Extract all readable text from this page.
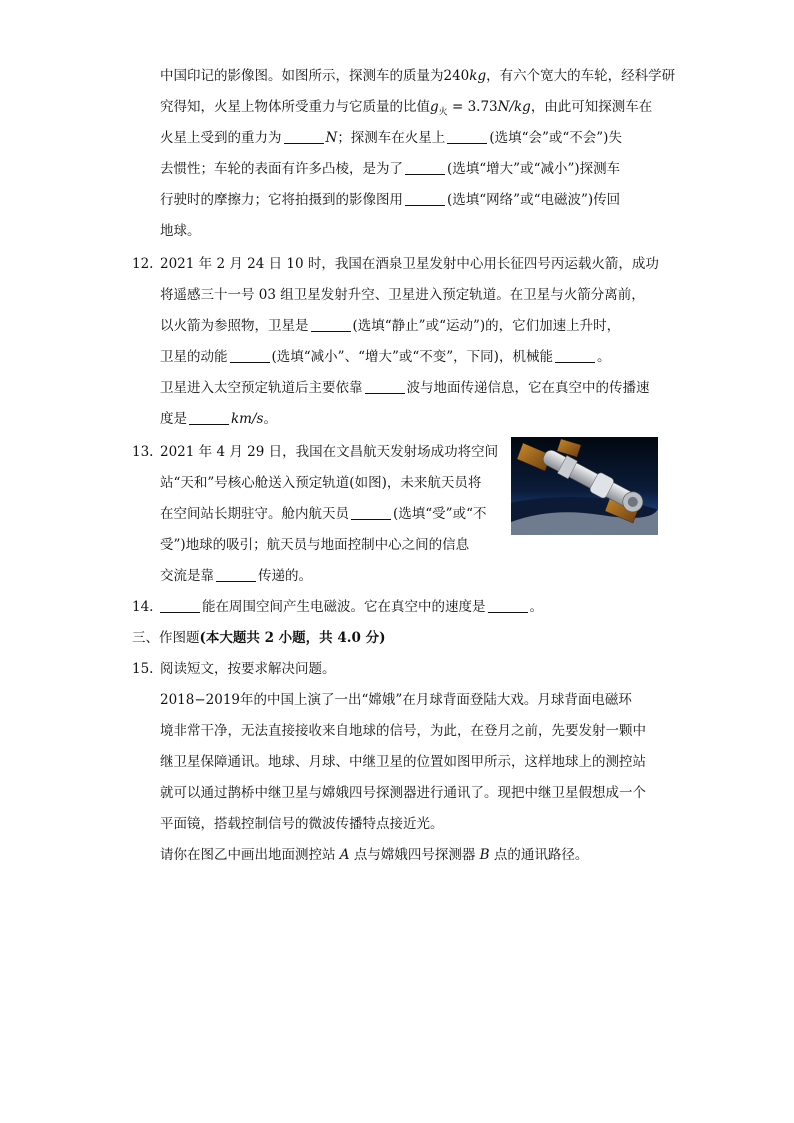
中国印记的影像图。如图所示，探测车的质量为240kg，有六个宽大的车轮，经科学研
究得知，火星上物体所受重力与它质量的比值$g_火 = 3.73N/kg$，由此可知探测车在
火星上受到的重力为	N；探测车在火星上	(选填“会”或“不会”)失
去惯性；车轮的表面有许多凸棱，是为了	(选填“增大”或“减小”)探测车
行驶时的摩擦力；它将拍摄到的影像图用	(选填“网络”或“电磁波”)传回
地球。
12. 2021 年 2 月 24 日 10 时，我国在酒泉卫星发射中心用长征四号丙运载火箭，成功
将遥感三十一号 03 组卫星发射升空、卫星进入预定轨道。在卫星与火箭分离前，
以火箭为参照物，卫星是	(选填“静止”或“运动”)的，它们加速上升时，
卫星的动能	(选填“减小”、“增大”或“不变”，下同)，机械能	。
卫星进入太空预定轨道后主要依靠	波与地面传递信息，它在真空中的传播速
度是	km/s。
13. 2021 年 4 月 29 日，我国在文昌航天发射场成功将空间
站“天和”号核心舱送入预定轨道(如图)，未来航天员将
在空间站长期驻守。舱内航天员	(选填“受”或“不
受”)地球的吸引；航天员与地面控制中心之间的信息
交流是靠	传递的。
14.	能在周围空间产生电磁波。它在真空中的速度是	。
三、作图题(本大题共 2 小题，共 4.0 分)
15. 阅读短文，按要求解决问题。
2018−2019年的中国上演了一出“嫦娥”在月球背面登陆大戏。月球背面电磁环
境非常干净，无法直接接收来自地球的信号，为此，在登月之前，先要发射一颗中
继卫星保障通讯。地球、月球、中继卫星的位置如图甲所示，这样地球上的测控站
就可以通过鹊桥中继卫星与嫦娥四号探测器进行通讯了。现把中继卫星假想成一个
平面镜，搭载控制信号的微波传播特点接近光。
请你在图乙中画出地面测控站 A 点与嫦娥四号探测器 B 点的通讯路径。
